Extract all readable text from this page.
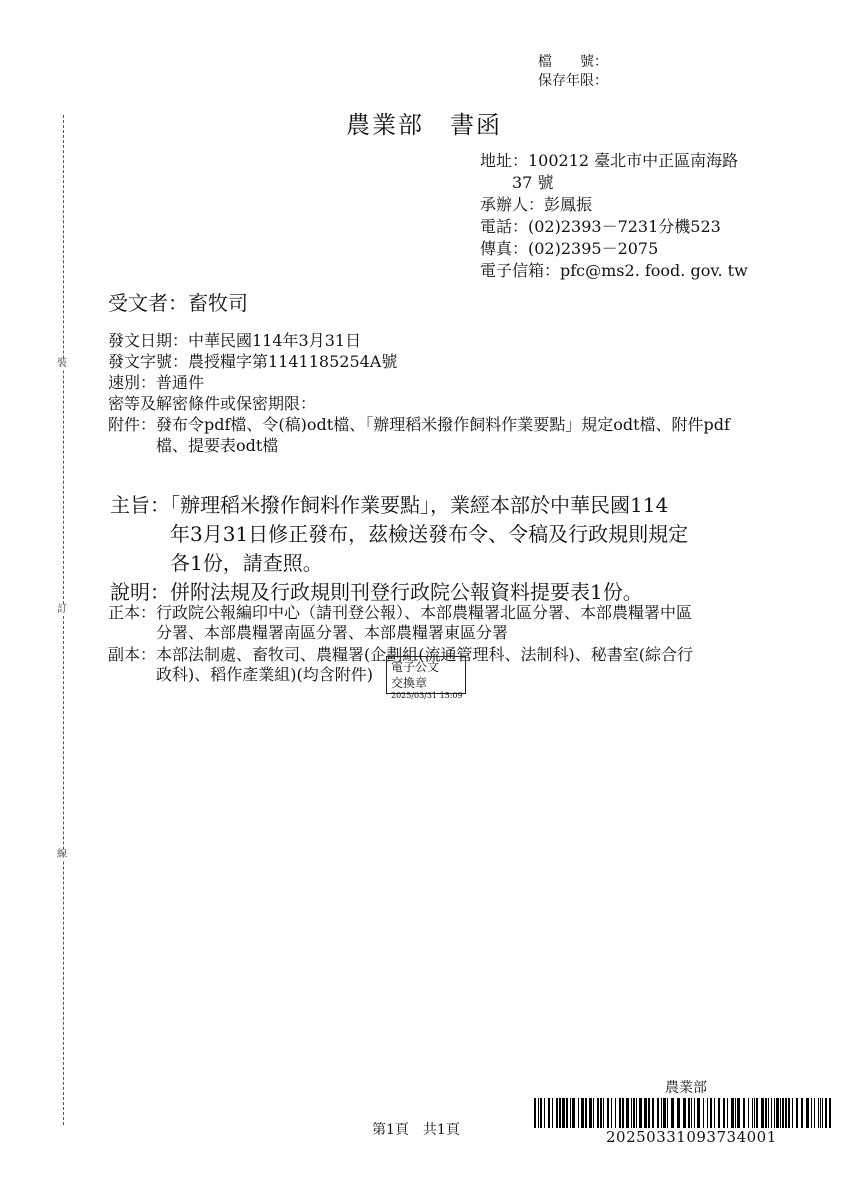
檔　　號：
保存年限：
農業部　書函
地址：100212 臺北市中正區南海路
37 號
承辦人：彭鳳振
電話：(02)2393－7231分機523
傳真：(02)2395－2075
電子信箱：pfc@ms2. food. gov. tw
受文者：畜牧司
發文日期：中華民國114年3月31日
發文字號：農授糧字第1141185254A號
速別：普通件
密等及解密條件或保密期限：
附件：發布令pdf檔、令(稿)odt檔、「辦理稻米撥作飼料作業要點」規定odt檔、附件pdf
檔、提要表odt檔
主旨：「辦理稻米撥作飼料作業要點」，業經本部於中華民國114
年3月31日修正發布，茲檢送發布令、令稿及行政規則規定
各1份，請查照。
說明：併附法規及行政規則刊登行政院公報資料提要表1份。
正本：行政院公報編印中心（請刊登公報）、本部農糧署北區分署、本部農糧署中區
分署、本部農糧署南區分署、本部農糧署東區分署
副本：本部法制處、畜牧司、農糧署(企劃組(流通管理科、法制科)、秘書室(綜合行
政科)、稻作產業組)(均含附件) 電子公文
交換章
2025/03/31 15:09
裝
訂
線
第1頁　共1頁
農業部
20250331093734001
